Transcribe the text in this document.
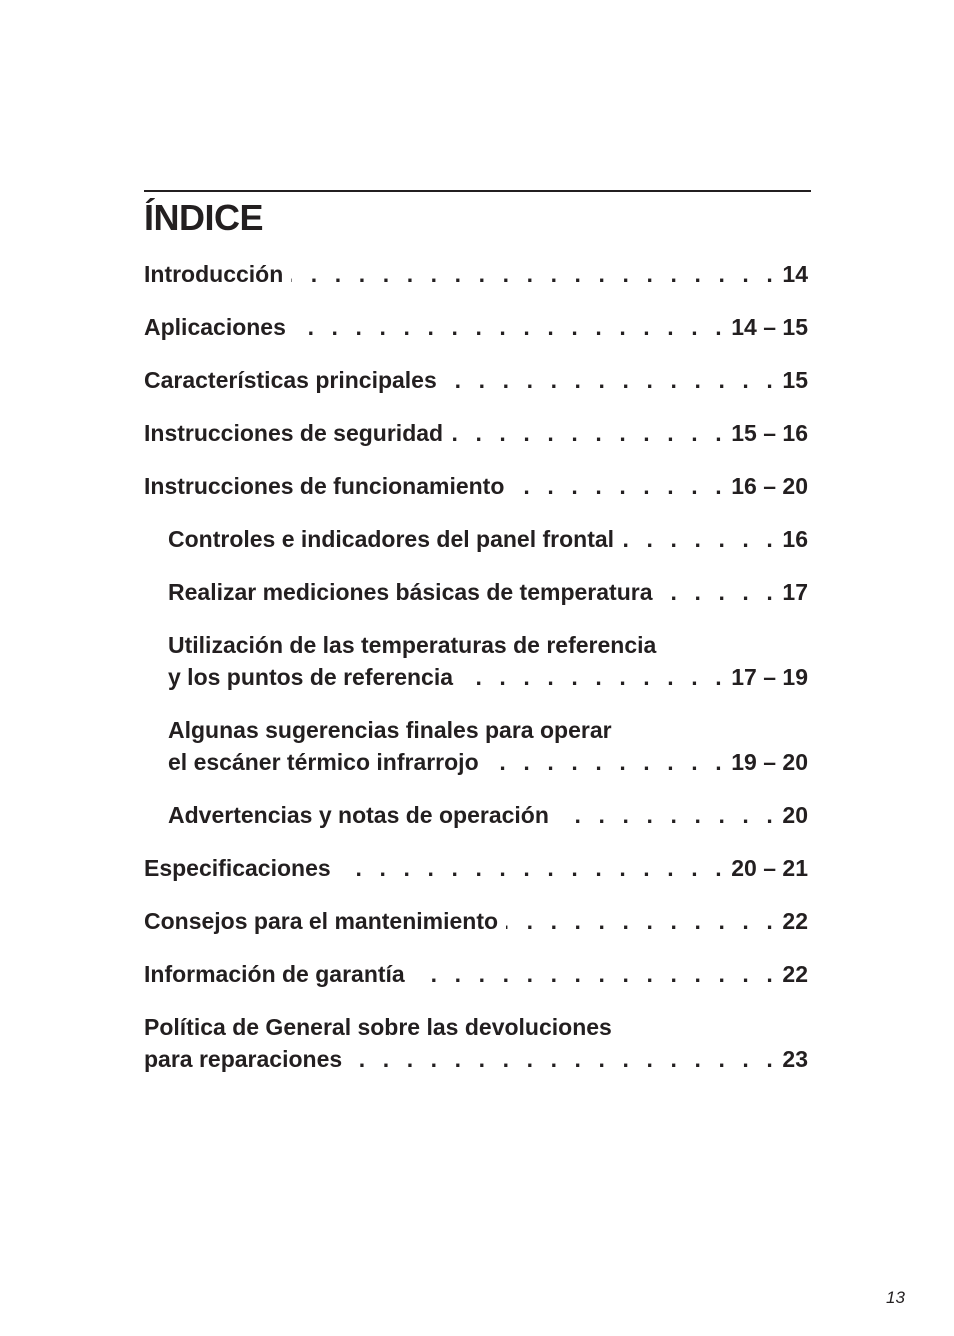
ÍNDICE
Introducción . . .	14
Aplicaciones . . .	14 – 15
Características principales . . .	15
Instrucciones de seguridad . . .	15 – 16
Instrucciones de funcionamiento . . .	16 – 20
Controles e indicadores del panel frontal . . .	16
Realizar mediciones básicas de temperatura . . .	17
Utilización de las temperaturas de referencia
y los puntos de referencia . . .	17 – 19
Algunas sugerencias finales para operar
el escáner térmico infrarrojo . . .	19 – 20
Advertencias y notas de operación . . .	20
Especificaciones . . .	20 – 21
Consejos para el mantenimiento . . .	22
Información de garantía . . .	22
Política de General sobre las devoluciones
para reparaciones . . .	23
13
